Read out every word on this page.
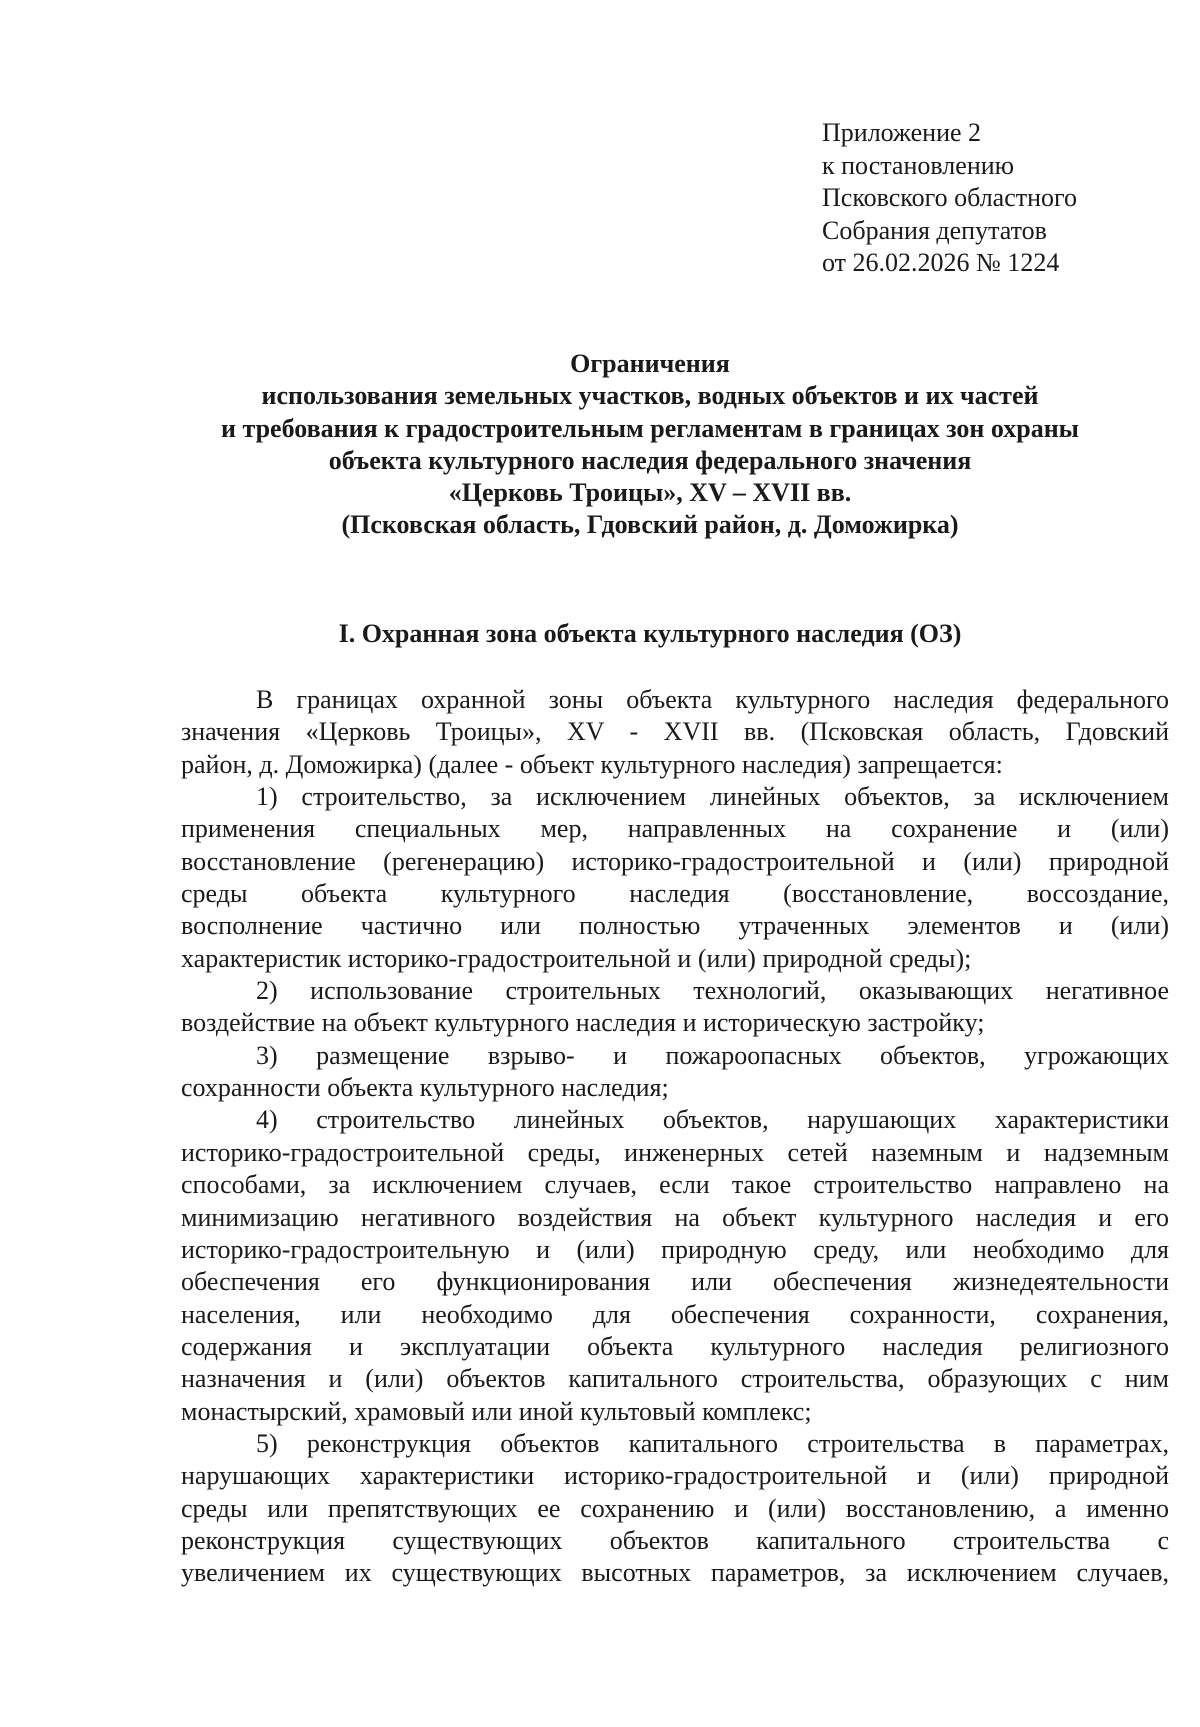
Приложение 2
к постановлению
Псковского областного
Собрания депутатов
от 26.02.2026 № 1224
Ограничения
использования земельных участков, водных объектов и их частей
и требования к градостроительным регламентам в границах зон охраны
объекта культурного наследия федерального значения
«Церковь Троицы», XV – XVII вв.
(Псковская область, Гдовский район, д. Доможирка)
I. Охранная зона объекта культурного наследия (ОЗ)
В границах охранной зоны объекта культурного наследия федерального
значения «Церковь Троицы», XV - XVII вв. (Псковская область, Гдовский
район, д. Доможирка) (далее - объект культурного наследия) запрещается:
1) строительство, за исключением линейных объектов, за исключением
применения специальных мер, направленных на сохранение и (или)
восстановление (регенерацию) историко-градостроительной и (или) природной
среды объекта культурного наследия (восстановление, воссоздание,
восполнение частично или полностью утраченных элементов и (или)
характеристик историко-градостроительной и (или) природной среды);
2) использование строительных технологий, оказывающих негативное
воздействие на объект культурного наследия и историческую застройку;
3) размещение взрыво- и пожароопасных объектов, угрожающих
сохранности объекта культурного наследия;
4) строительство линейных объектов, нарушающих характеристики
историко-градостроительной среды, инженерных сетей наземным и надземным
способами, за исключением случаев, если такое строительство направлено на
минимизацию негативного воздействия на объект культурного наследия и его
историко-градостроительную и (или) природную среду, или необходимо для
обеспечения его функционирования или обеспечения жизнедеятельности
населения, или необходимо для обеспечения сохранности, сохранения,
содержания и эксплуатации объекта культурного наследия религиозного
назначения и (или) объектов капитального строительства, образующих с ним
монастырский, храмовый или иной культовый комплекс;
5) реконструкция объектов капитального строительства в параметрах,
нарушающих характеристики историко-градостроительной и (или) природной
среды или препятствующих ее сохранению и (или) восстановлению, а именно
реконструкция существующих объектов капитального строительства с
увеличением их существующих высотных параметров, за исключением случаев,
